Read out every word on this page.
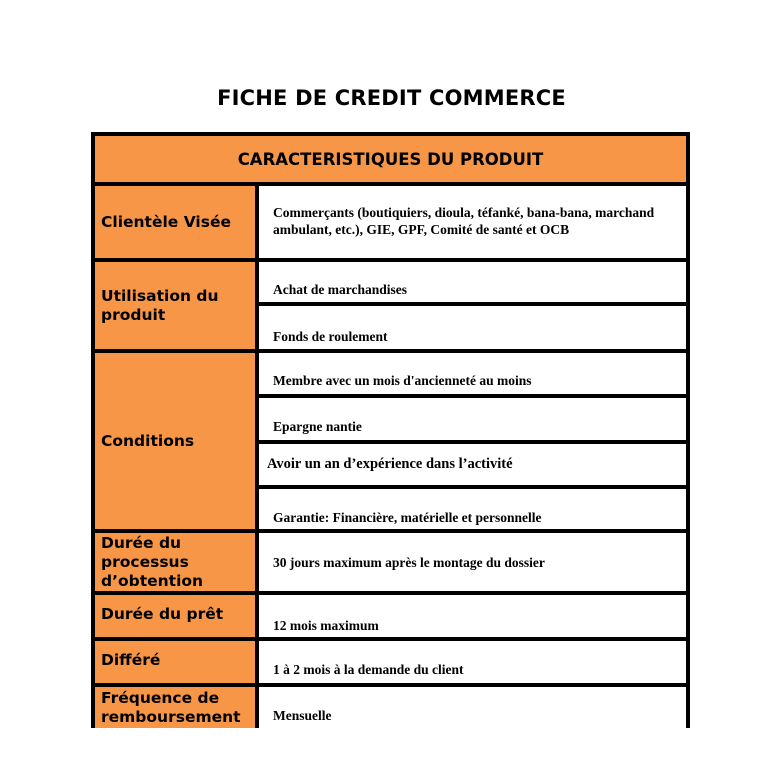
FICHE DE CREDIT COMMERCE
CARACTERISTIQUES DU PRODUIT
Clientèle Visée	Commerçants (boutiquiers, dioula, téfanké, bana-bana, marchand ambulant, etc.), GIE, GPF, Comité de santé et OCB
Utilisation du produit
Achat de marchandises
Fonds de roulement
Conditions
Membre avec un mois d'ancienneté au moins
Epargne nantie
Avoir un an d’expérience dans l’activité
Garantie: Financière, matérielle et personnelle
Durée du processus d’obtention
30 jours maximum après le montage du dossier
Durée du prêt
12 mois maximum
Différé
1 à 2 mois à la demande du client
Fréquence de remboursement	Mensuelle
